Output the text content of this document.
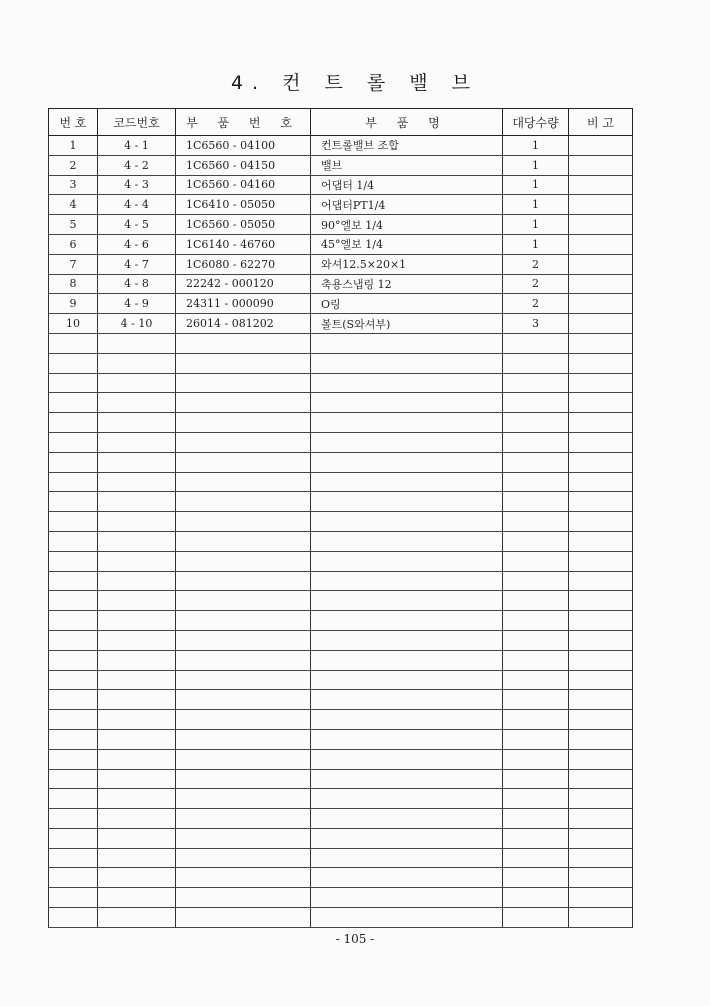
4. 컨 트 롤 밸 브
번 호	코드번호	부 품 번 호	부 품 명	대당수량	비 고
1	4 - 1	1C6560 - 04100	컨트롤밸브 조합	1	
2	4 - 2	1C6560 - 04150	밸브	1	
3	4 - 3	1C6560 - 04160	어댑터 1/4	1	
4	4 - 4	1C6410 - 05050	어댑터PT1/4	1	
5	4 - 5	1C6560 - 05050	90°엘보 1/4	1	
6	4 - 6	1C6140 - 46760	45°엘보 1/4	1	
7	4 - 7	1C6080 - 62270	와셔12.5×20×1	2	
8	4 - 8	22242 - 000120	축용스냅링 12	2	
9	4 - 9	24311 - 000090	O링	2	
10	4 - 10	26014 - 081202	볼트(S와셔부)	3	

- 105 -
